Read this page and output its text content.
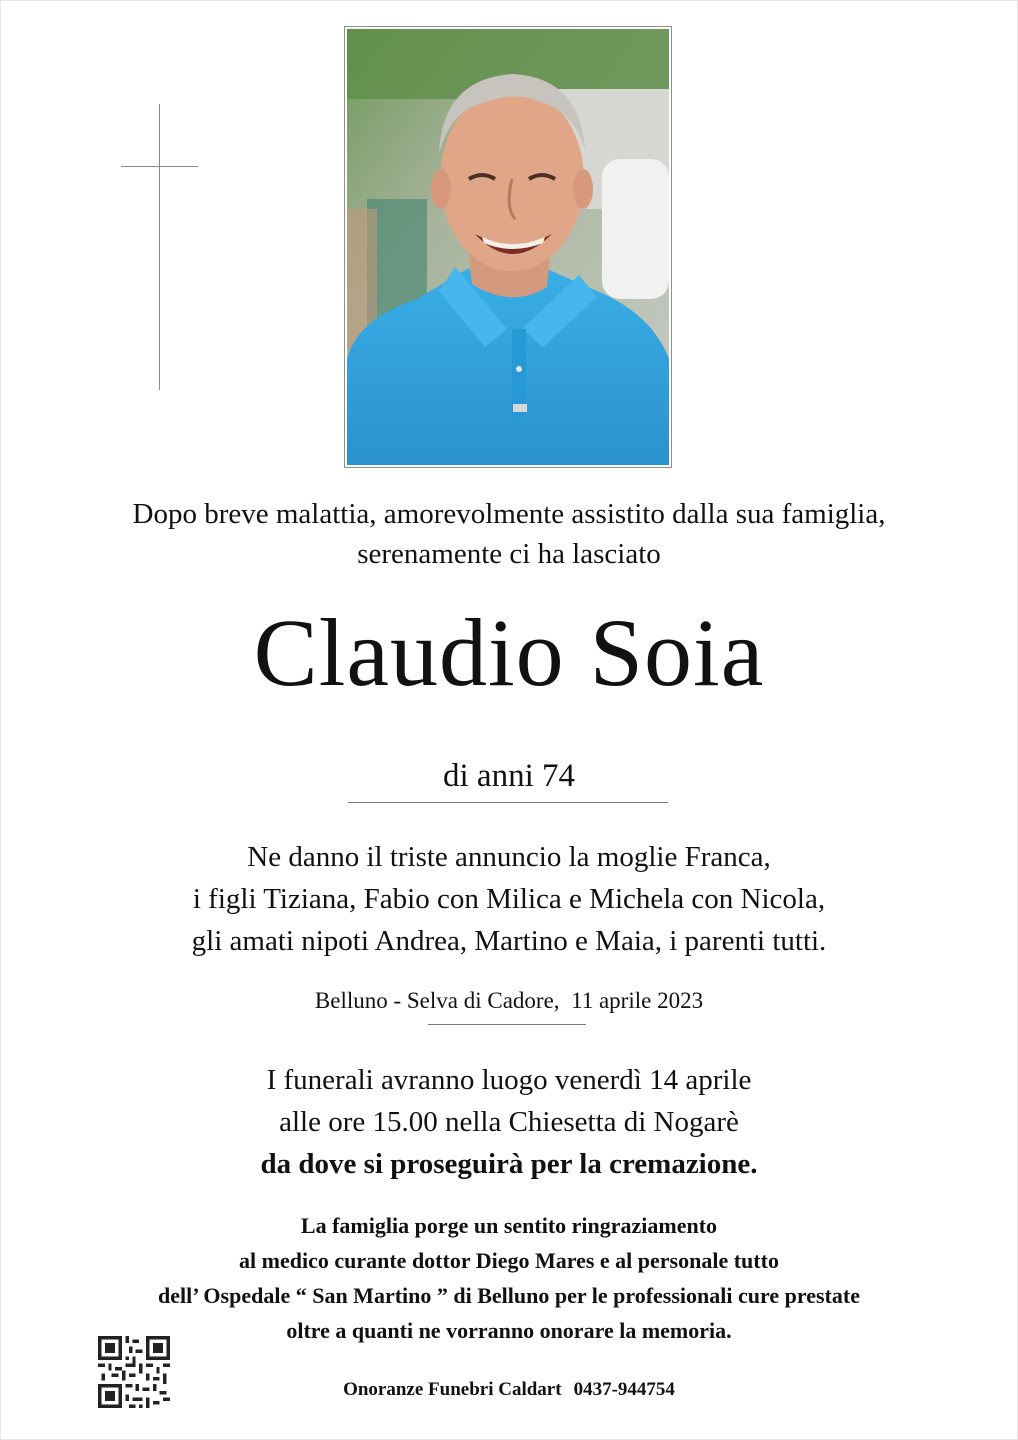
Dopo breve malattia, amorevolmente assistito dalla sua famiglia,
serenamente ci ha lasciato
Claudio Soia
di anni 74
Ne danno il triste annuncio la moglie Franca,
i figli Tiziana, Fabio con Milica e Michela con Nicola,
gli amati nipoti Andrea, Martino e Maia, i parenti tutti.
Belluno - Selva di Cadore, 11 aprile 2023
I funerali avranno luogo venerdì 14 aprile
alle ore 15.00 nella Chiesetta di Nogarè
da dove si proseguirà per la cremazione.
La famiglia porge un sentito ringraziamento
al medico curante dottor Diego Mares e al personale tutto
dell’ Ospedale “ San Martino ” di Belluno per le professionali cure prestate
oltre a quanti ne vorranno onorare la memoria.
Onoranze Funebri Caldart 0437-944754
